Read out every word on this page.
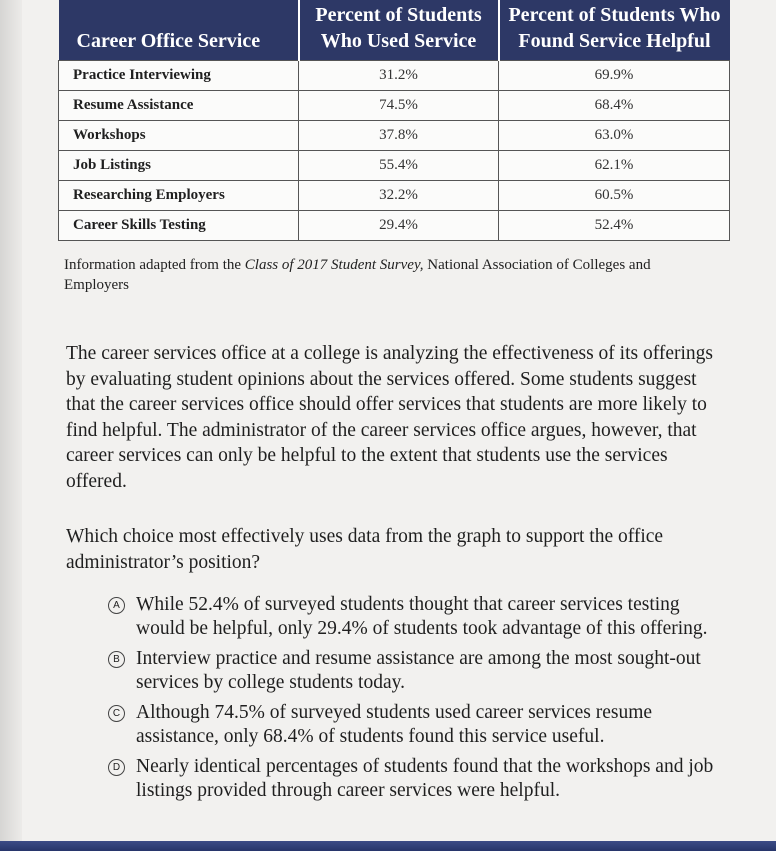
Career Office Service	Percent of Students Who Used Service	Percent of Students Who Found Service Helpful
Practice Interviewing	31.2%	69.9%
Resume Assistance	74.5%	68.4%
Workshops	37.8%	63.0%
Job Listings	55.4%	62.1%
Researching Employers	32.2%	60.5%
Career Skills Testing	29.4%	52.4%
Information adapted from the Class of 2017 Student Survey, National Association of Colleges and Employers
The career services office at a college is analyzing the effectiveness of its offerings by evaluating student opinions about the services offered. Some students suggest that the career services office should offer services that students are more likely to find helpful. The administrator of the career services office argues, however, that career services can only be helpful to the extent that students use the services offered.
Which choice most effectively uses data from the graph to support the office administrator’s position?
A While 52.4% of surveyed students thought that career services testing would be helpful, only 29.4% of students took advantage of this offering.
B Interview practice and resume assistance are among the most sought-out services by college students today.
C Although 74.5% of surveyed students used career services resume assistance, only 68.4% of students found this service useful.
D Nearly identical percentages of students found that the workshops and job listings provided through career services were helpful.
